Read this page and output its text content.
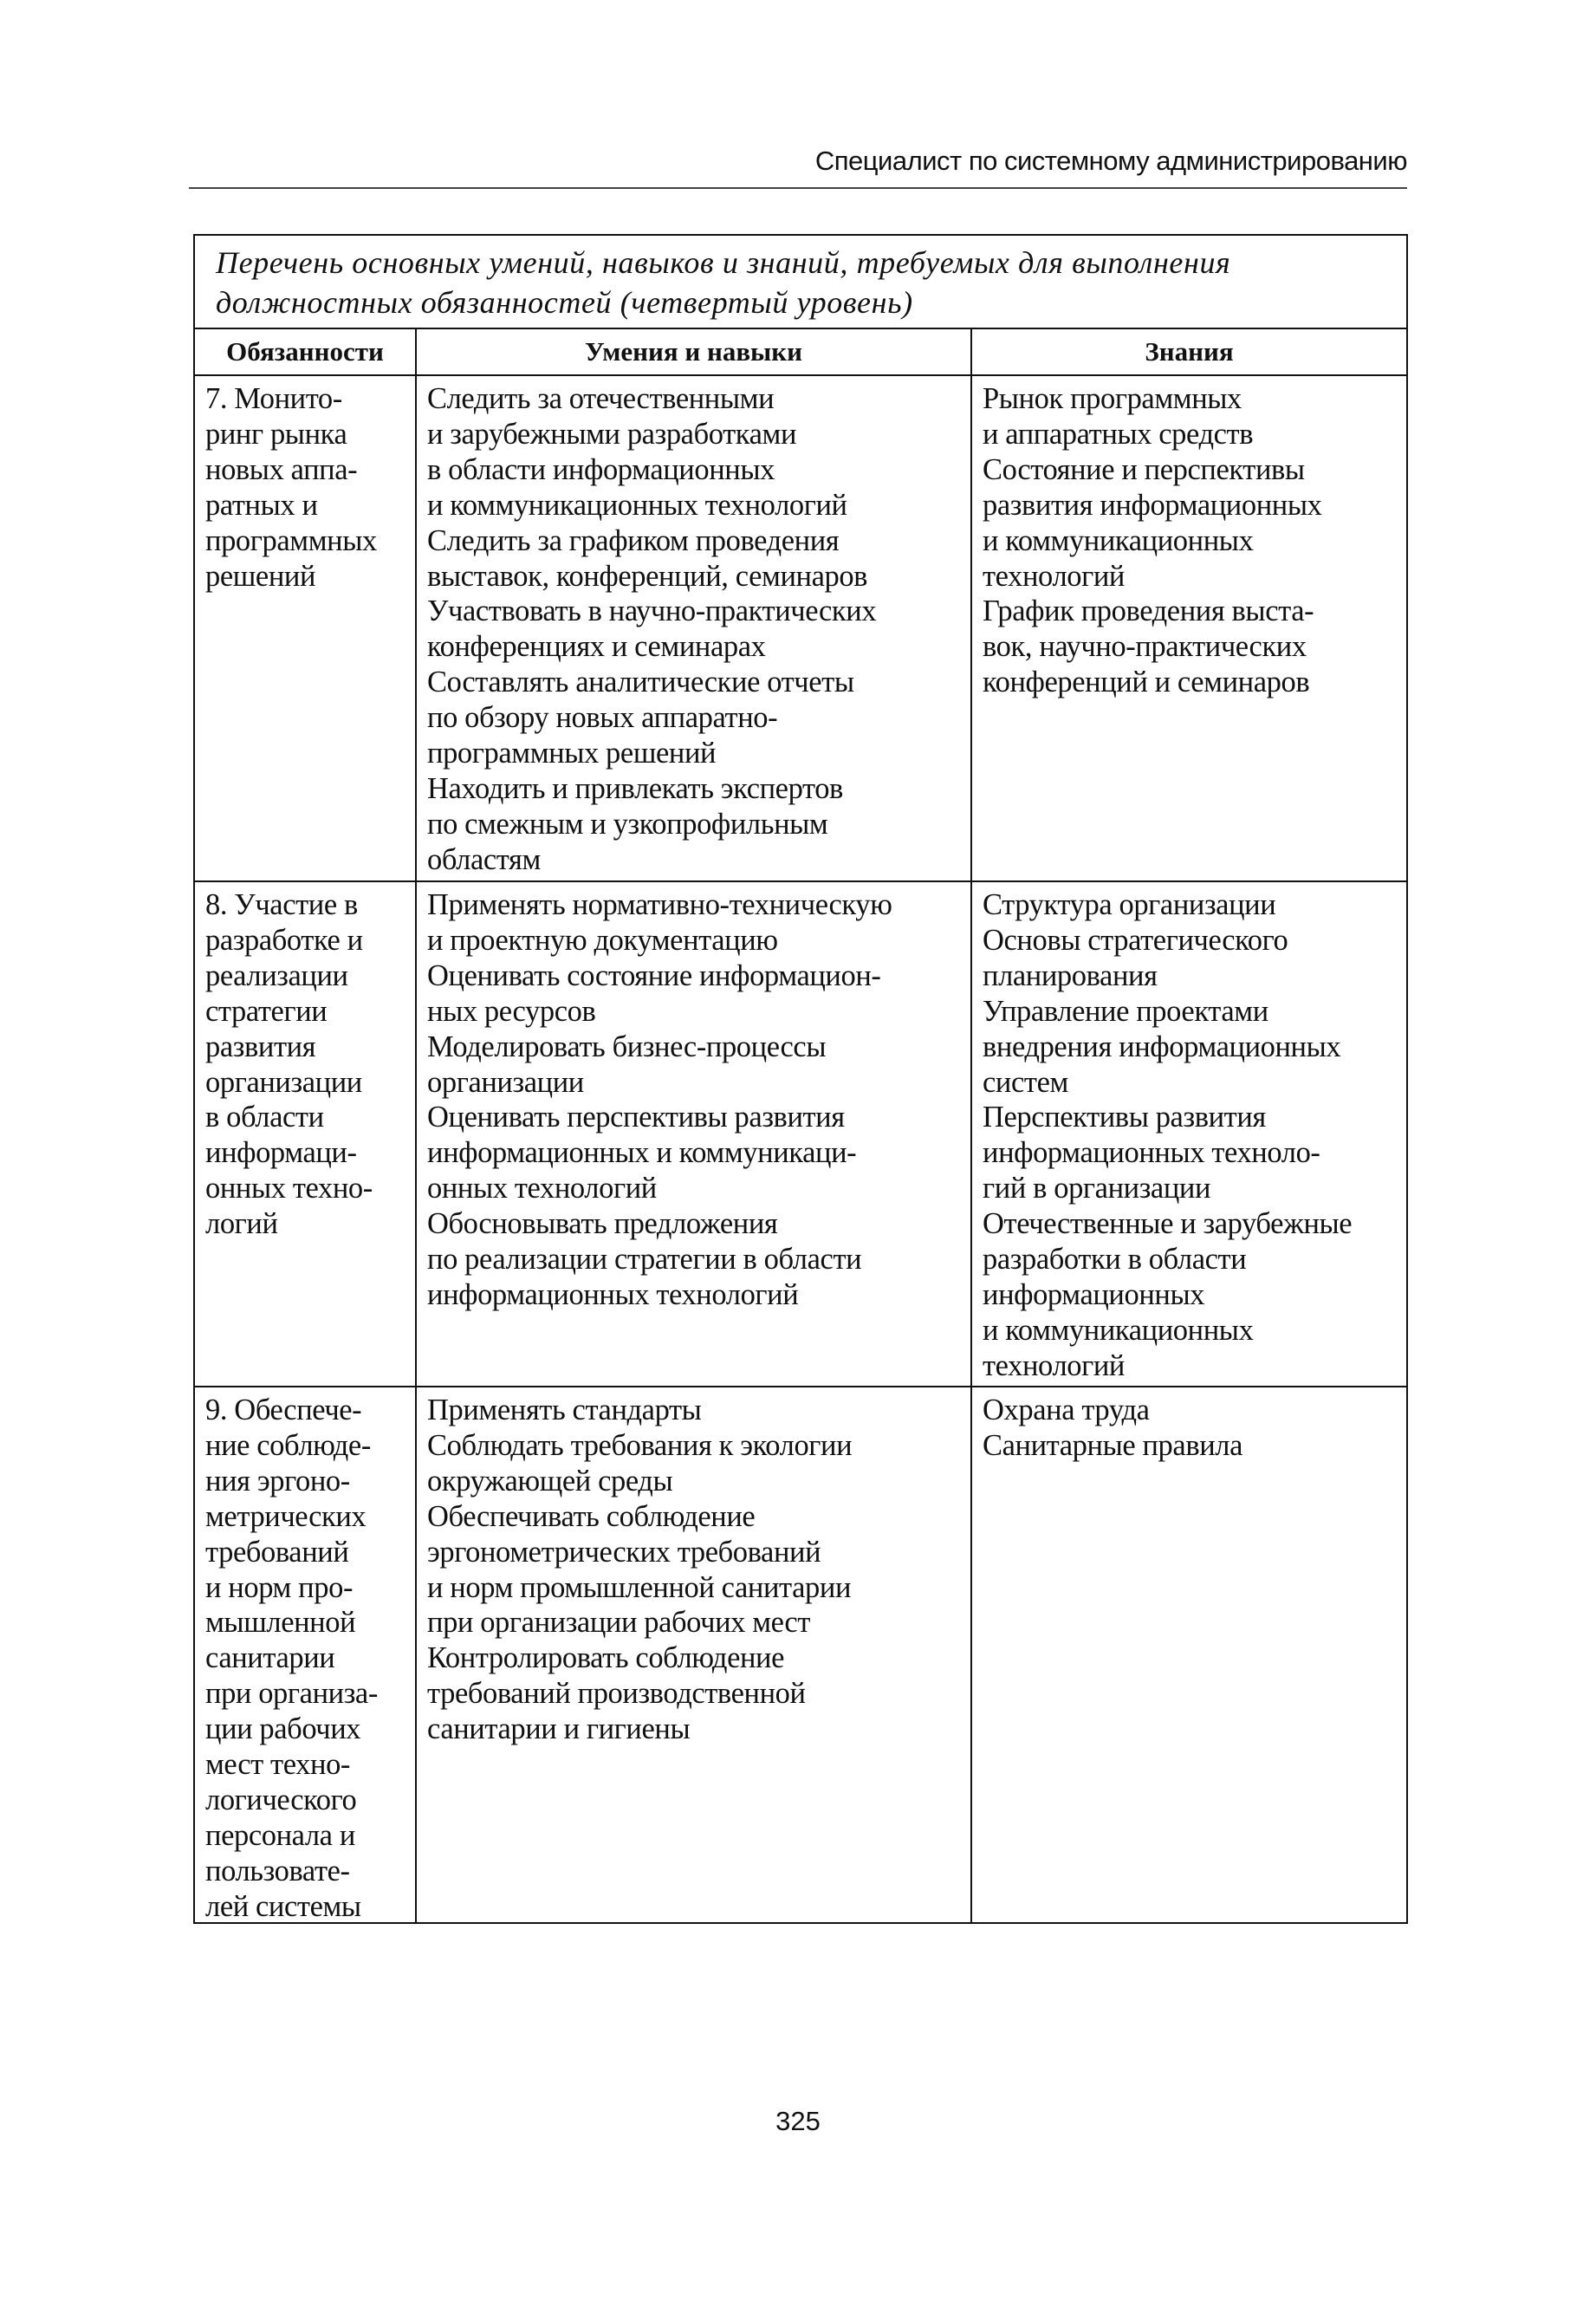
Специалист по системному администрированию
Перечень основных умений, навыков и знаний, требуемых для выполнения
должностных обязанностей (четвертый уровень)
Обязанности	Умения и навыки	Знания
7. Монито-
ринг рынка
новых аппа-
ратных и
программных
решений
Следить за отечественными
и зарубежными разработками
в области информационных
и коммуникационных технологий
Следить за графиком проведения
выставок, конференций, семинаров
Участвовать в научно-практических
конференциях и семинарах
Составлять аналитические отчеты
по обзору новых аппаратно-
программных решений
Находить и привлекать экспертов
по смежным и узкопрофильным
областям
Рынок программных
и аппаратных средств
Состояние и перспективы
развития информационных
и коммуникационных
технологий
График проведения выста-
вок, научно-практических
конференций и семинаров
8. Участие в
разработке и
реализации
стратегии
развития
организации
в области
информаци-
онных техно-
логий
Применять нормативно-техническую
и проектную документацию
Оценивать состояние информацион-
ных ресурсов
Моделировать бизнес-процессы
организации
Оценивать перспективы развития
информационных и коммуникаци-
онных технологий
Обосновывать предложения
по реализации стратегии в области
информационных технологий
Структура организации
Основы стратегического
планирования
Управление проектами
внедрения информационных
систем
Перспективы развития
информационных техноло-
гий в организации
Отечественные и зарубежные
разработки в области
информационных
и коммуникационных
технологий
9. Обеспече-
ние соблюде-
ния эргоно-
метрических
требований
и норм про-
мышленной
санитарии
при организа-
ции рабочих
мест техно-
логического
персонала и
пользовате-
лей системы
Применять стандарты
Соблюдать требования к экологии
окружающей среды
Обеспечивать соблюдение
эргонометрических требований
и норм промышленной санитарии
при организации рабочих мест
Контролировать соблюдение
требований производственной
санитарии и гигиены
Охрана труда
Санитарные правила
325
